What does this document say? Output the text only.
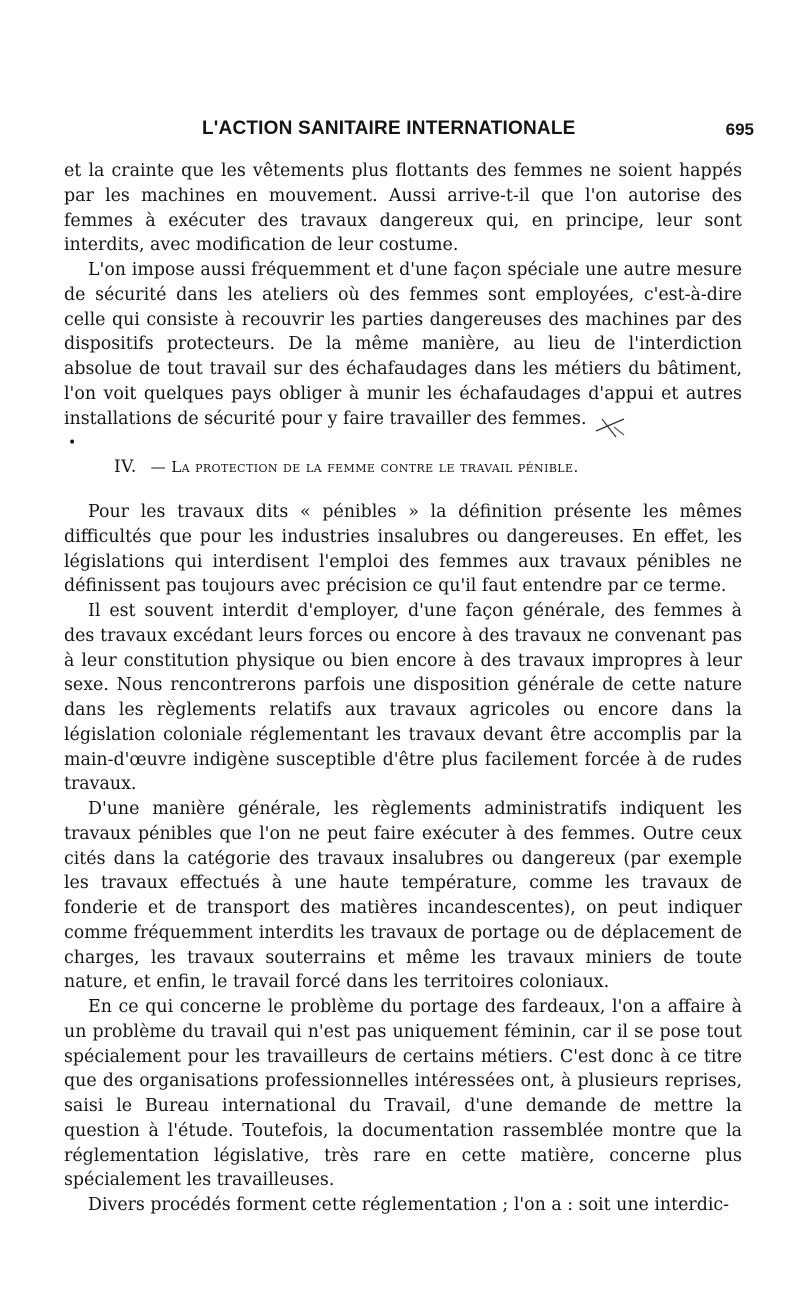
L'ACTION SANITAIRE INTERNATIONALE	695

et la crainte que les vêtements plus flottants des femmes ne soient happés par les machines en mouvement. Aussi arrive-t-il que l'on autorise des femmes à exécuter des travaux dangereux qui, en principe, leur sont interdits, avec modification de leur costume.

L'on impose aussi fréquemment et d'une façon spéciale une autre mesure de sécurité dans les ateliers où des femmes sont employées, c'est-à-dire celle qui consiste à recouvrir les parties dangereuses des machines par des dispositifs protecteurs. De la même manière, au lieu de l'interdiction absolue de tout travail sur des échafaudages dans les métiers du bâtiment, l'on voit quelques pays obliger à munir les échafaudages d'appui et autres installations de sécurité pour y faire travailler des femmes.

•
IV. — La protection de la femme contre le travail pénible.

Pour les travaux dits « pénibles » la définition présente les mêmes difficultés que pour les industries insalubres ou dangereuses. En effet, les législations qui interdisent l'emploi des femmes aux travaux pénibles ne définissent pas toujours avec précision ce qu'il faut entendre par ce terme.

Il est souvent interdit d'employer, d'une façon générale, des femmes à des travaux excédant leurs forces ou encore à des travaux ne convenant pas à leur constitution physique ou bien encore à des travaux impropres à leur sexe. Nous rencontrerons parfois une disposition générale de cette nature dans les règlements relatifs aux travaux agricoles ou encore dans la législation coloniale réglementant les travaux devant être accomplis par la main-d'œuvre indigène susceptible d'être plus facilement forcée à de rudes travaux.

D'une manière générale, les règlements administratifs indiquent les travaux pénibles que l'on ne peut faire exécuter à des femmes. Outre ceux cités dans la catégorie des travaux insalubres ou dangereux (par exemple les travaux effectués à une haute température, comme les travaux de fonderie et de transport des matières incandescentes), on peut indiquer comme fréquemment interdits les travaux de portage ou de déplacement de charges, les travaux souterrains et même les travaux miniers de toute nature, et enfin, le travail forcé dans les territoires coloniaux.

En ce qui concerne le problème du portage des fardeaux, l'on a affaire à un problème du travail qui n'est pas uniquement féminin, car il se pose tout spécialement pour les travailleurs de certains métiers. C'est donc à ce titre que des organisations professionnelles intéressées ont, à plusieurs reprises, saisi le Bureau international du Travail, d'une demande de mettre la question à l'étude. Toutefois, la documentation rassemblée montre que la réglementation législative, très rare en cette matière, concerne plus spécialement les travailleuses.

Divers procédés forment cette réglementation ; l'on a : soit une interdic-
